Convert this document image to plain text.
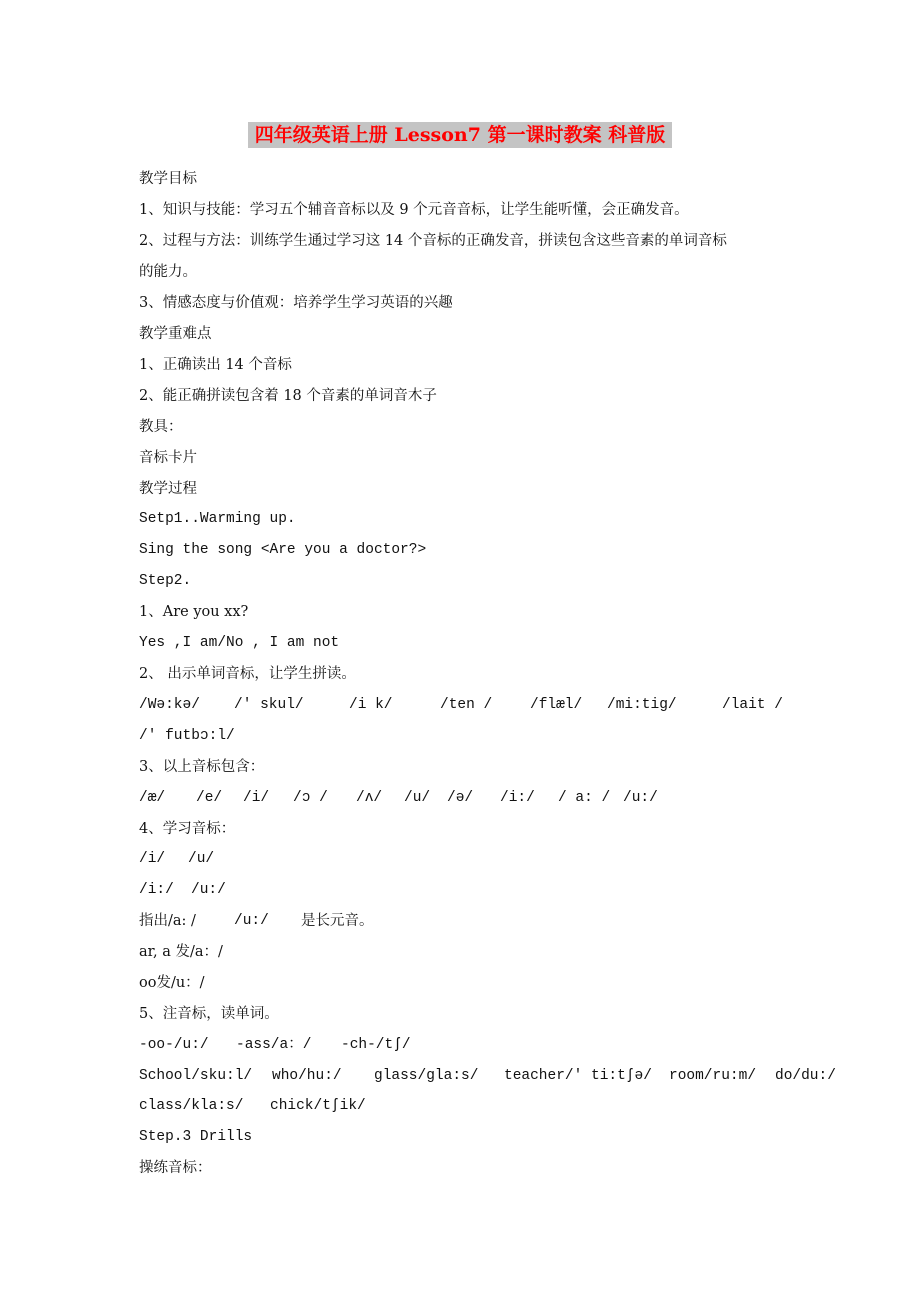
四年级英语上册 Lesson7 第一课时教案 科普版
教学目标
1、知识与技能：学习五个辅音音标以及 9 个元音音标，让学生能听懂，会正确发音。
2、过程与方法：训练学生通过学习这 14 个音标的正确发音，拼读包含这些音素的单词音标
的能力。
3、情感态度与价值观：培养学生学习英语的兴趣
教学重难点
1、正确读出 14 个音标
2、能正确拼读包含着 18 个音素的单词音木子
教具：
音标卡片
教学过程
Setp1..Warming up.
Sing the song <Are you a doctor?>
Step2.
1、Are you xx?
Yes ,I am/No , I am not
2、 出示单词音标，让学生拼读。
/Wə:kə/ /' skul/	/i k/	/ten /	/flæl/ /mi:tig/	/lait /
/' futbɔ:l/
3、以上音标包含：
/æ/ /e/ /i/ /ɔ / /ʌ/ /u/ /ə/ /i:/ / a: / /u:/
4、学习音标：
/i/ /u/
/i:/ /u:/
指出/a: /	/u:/ 是长元音。
ar, a 发/a：/
oo发/u：/
5、注音标，读单词。
-oo-/u:/ -ass/a：/ -ch-/tʃ/
School/sku:l/ who/hu:/ glass/gla:s/ teacher/' ti:tʃə/ room/ru:m/ do/du:/
class/kla:s/ chick/tʃik/
Step.3 Drills
操练音标：
